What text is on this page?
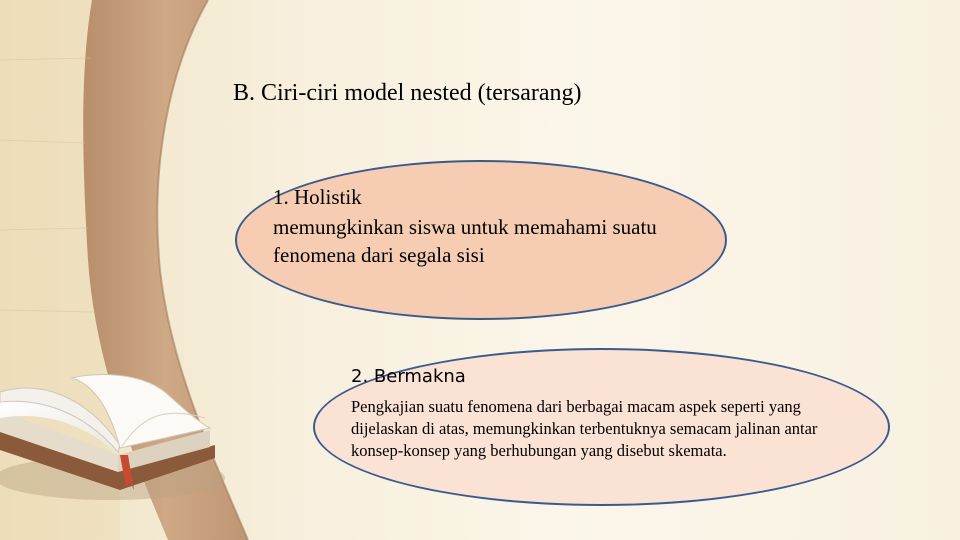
B. Ciri-ciri model nested (tersarang)
1. Holistik
memungkinkan siswa untuk memahami suatu fenomena dari segala sisi
2. Bermakna
Pengkajian suatu fenomena dari berbagai macam aspek seperti yang dijelaskan di atas, memungkinkan terbentuknya semacam jalinan antar konsep-konsep yang berhubungan yang disebut skemata.
